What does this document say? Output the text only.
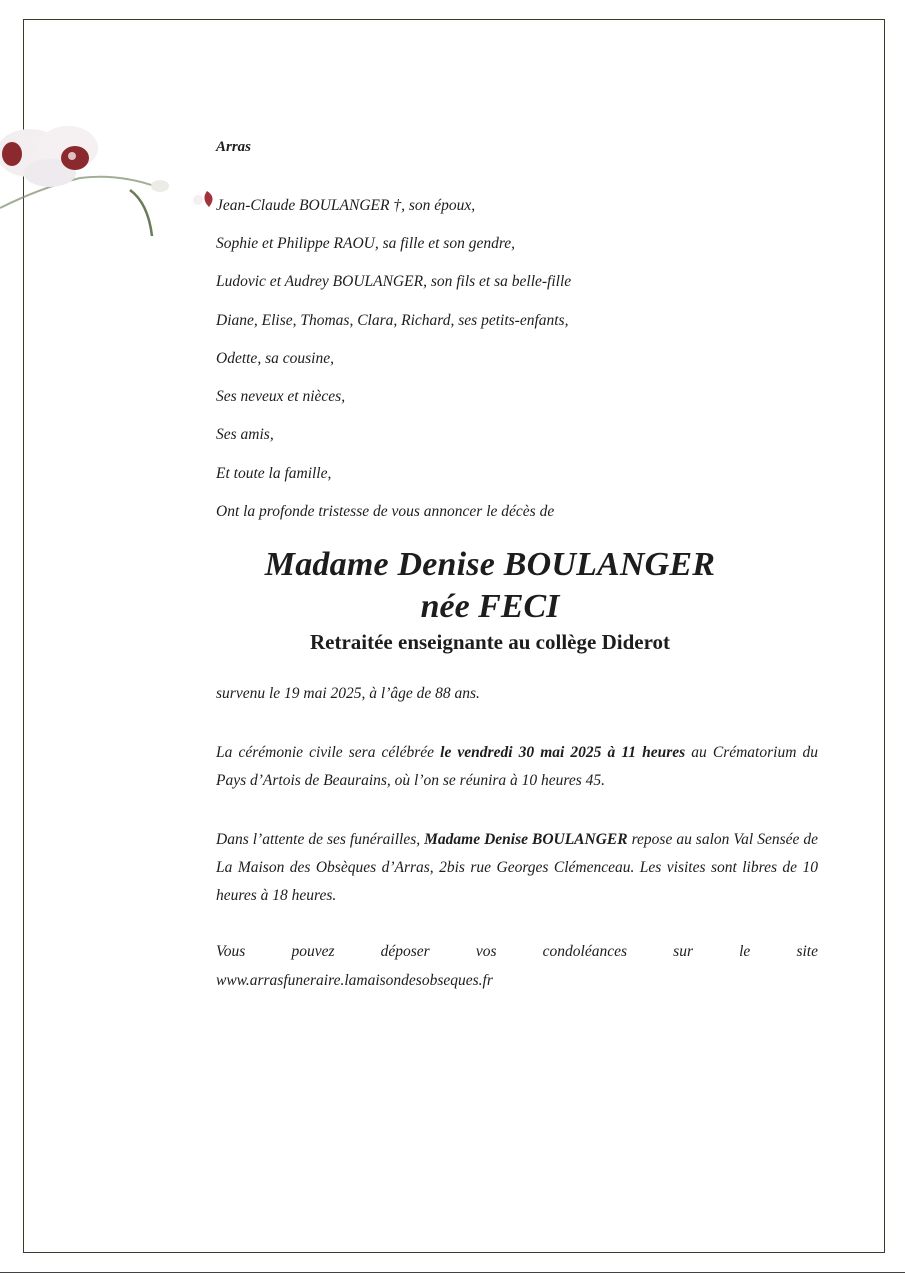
Arras
Jean-Claude BOULANGER †, son époux,
Sophie et Philippe RAOU, sa fille et son gendre,
Ludovic et Audrey BOULANGER, son fils et sa belle-fille
Diane, Elise, Thomas, Clara, Richard, ses petits-enfants,
Odette, sa cousine,
Ses neveux et nièces,
Ses amis,
Et toute la famille,
Ont la profonde tristesse de vous annoncer le décès de
Madame Denise BOULANGER
née FECI
Retraitée enseignante au collège Diderot
survenu le 19 mai 2025, à l’âge de 88 ans.
La cérémonie civile sera célébrée le vendredi 30 mai 2025 à 11 heures au Crématorium du Pays d’Artois de Beaurains, où l’on se réunira à 10 heures 45.
Dans l’attente de ses funérailles, Madame Denise BOULANGER repose au salon Val Sensée de La Maison des Obsèques d’Arras, 2bis rue Georges Clémenceau. Les visites sont libres de 10 heures à 18 heures.
Vous	pouvez	déposer	vos	condoléances	sur	le	site
www.arrasfuneraire.lamaisondesobseques.fr
